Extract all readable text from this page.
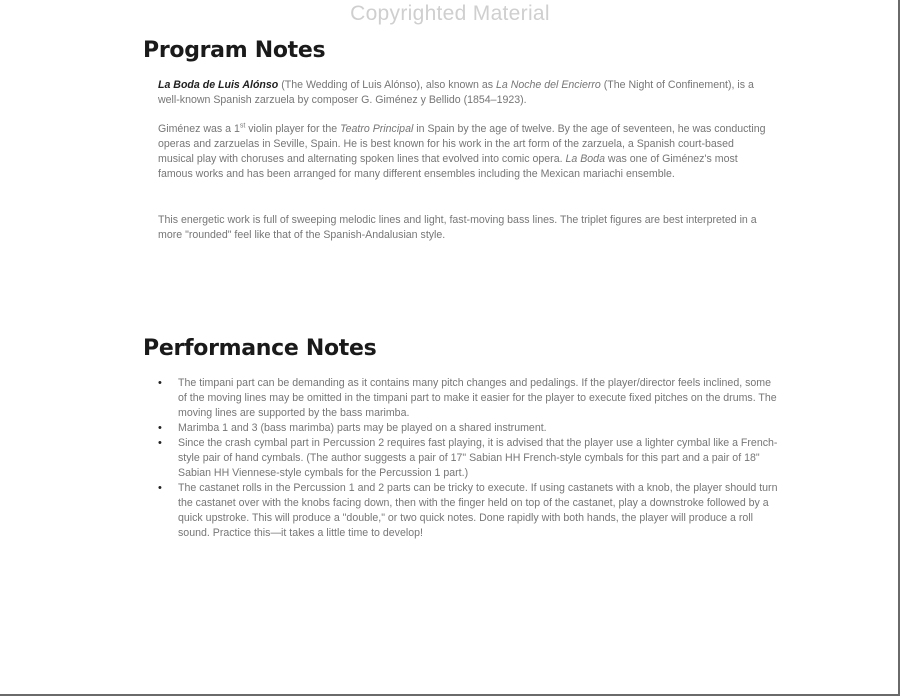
Copyrighted Material
Program Notes

La Boda de Luis Alónso (The Wedding of Luis Alónso), also known as La Noche del Encierro (The Night of Confinement), is a well-known Spanish zarzuela by composer G. Giménez y Bellido (1854–1923).

Giménez was a 1st violin player for the Teatro Principal in Spain by the age of twelve. By the age of seventeen, he was conducting operas and zarzuelas in Seville, Spain. He is best known for his work in the art form of the zarzuela, a Spanish court-based musical play with choruses and alternating spoken lines that evolved into comic opera. La Boda was one of Giménez's most famous works and has been arranged for many different ensembles including the Mexican mariachi ensemble.

This energetic work is full of sweeping melodic lines and light, fast-moving bass lines. The triplet figures are best interpreted in a more "rounded" feel like that of the Spanish-Andalusian style.

Performance Notes
• The timpani part can be demanding as it contains many pitch changes and pedalings. If the player/director feels inclined, some of the moving lines may be omitted in the timpani part to make it easier for the player to execute fixed pitches on the drums. The moving lines are supported by the bass marimba.
• Marimba 1 and 3 (bass marimba) parts may be played on a shared instrument.
• Since the crash cymbal part in Percussion 2 requires fast playing, it is advised that the player use a lighter cymbal like a French-style pair of hand cymbals. (The author suggests a pair of 17" Sabian HH French-style cymbals for this part and a pair of 18" Sabian HH Viennese-style cymbals for the Percussion 1 part.)
• The castanet rolls in the Percussion 1 and 2 parts can be tricky to execute. If using castanets with a knob, the player should turn the castanet over with the knobs facing down, then with the finger held on top of the castanet, play a downstroke followed by a quick upstroke. This will produce a "double," or two quick notes. Done rapidly with both hands, the player will produce a roll sound. Practice this—it takes a little time to develop!
